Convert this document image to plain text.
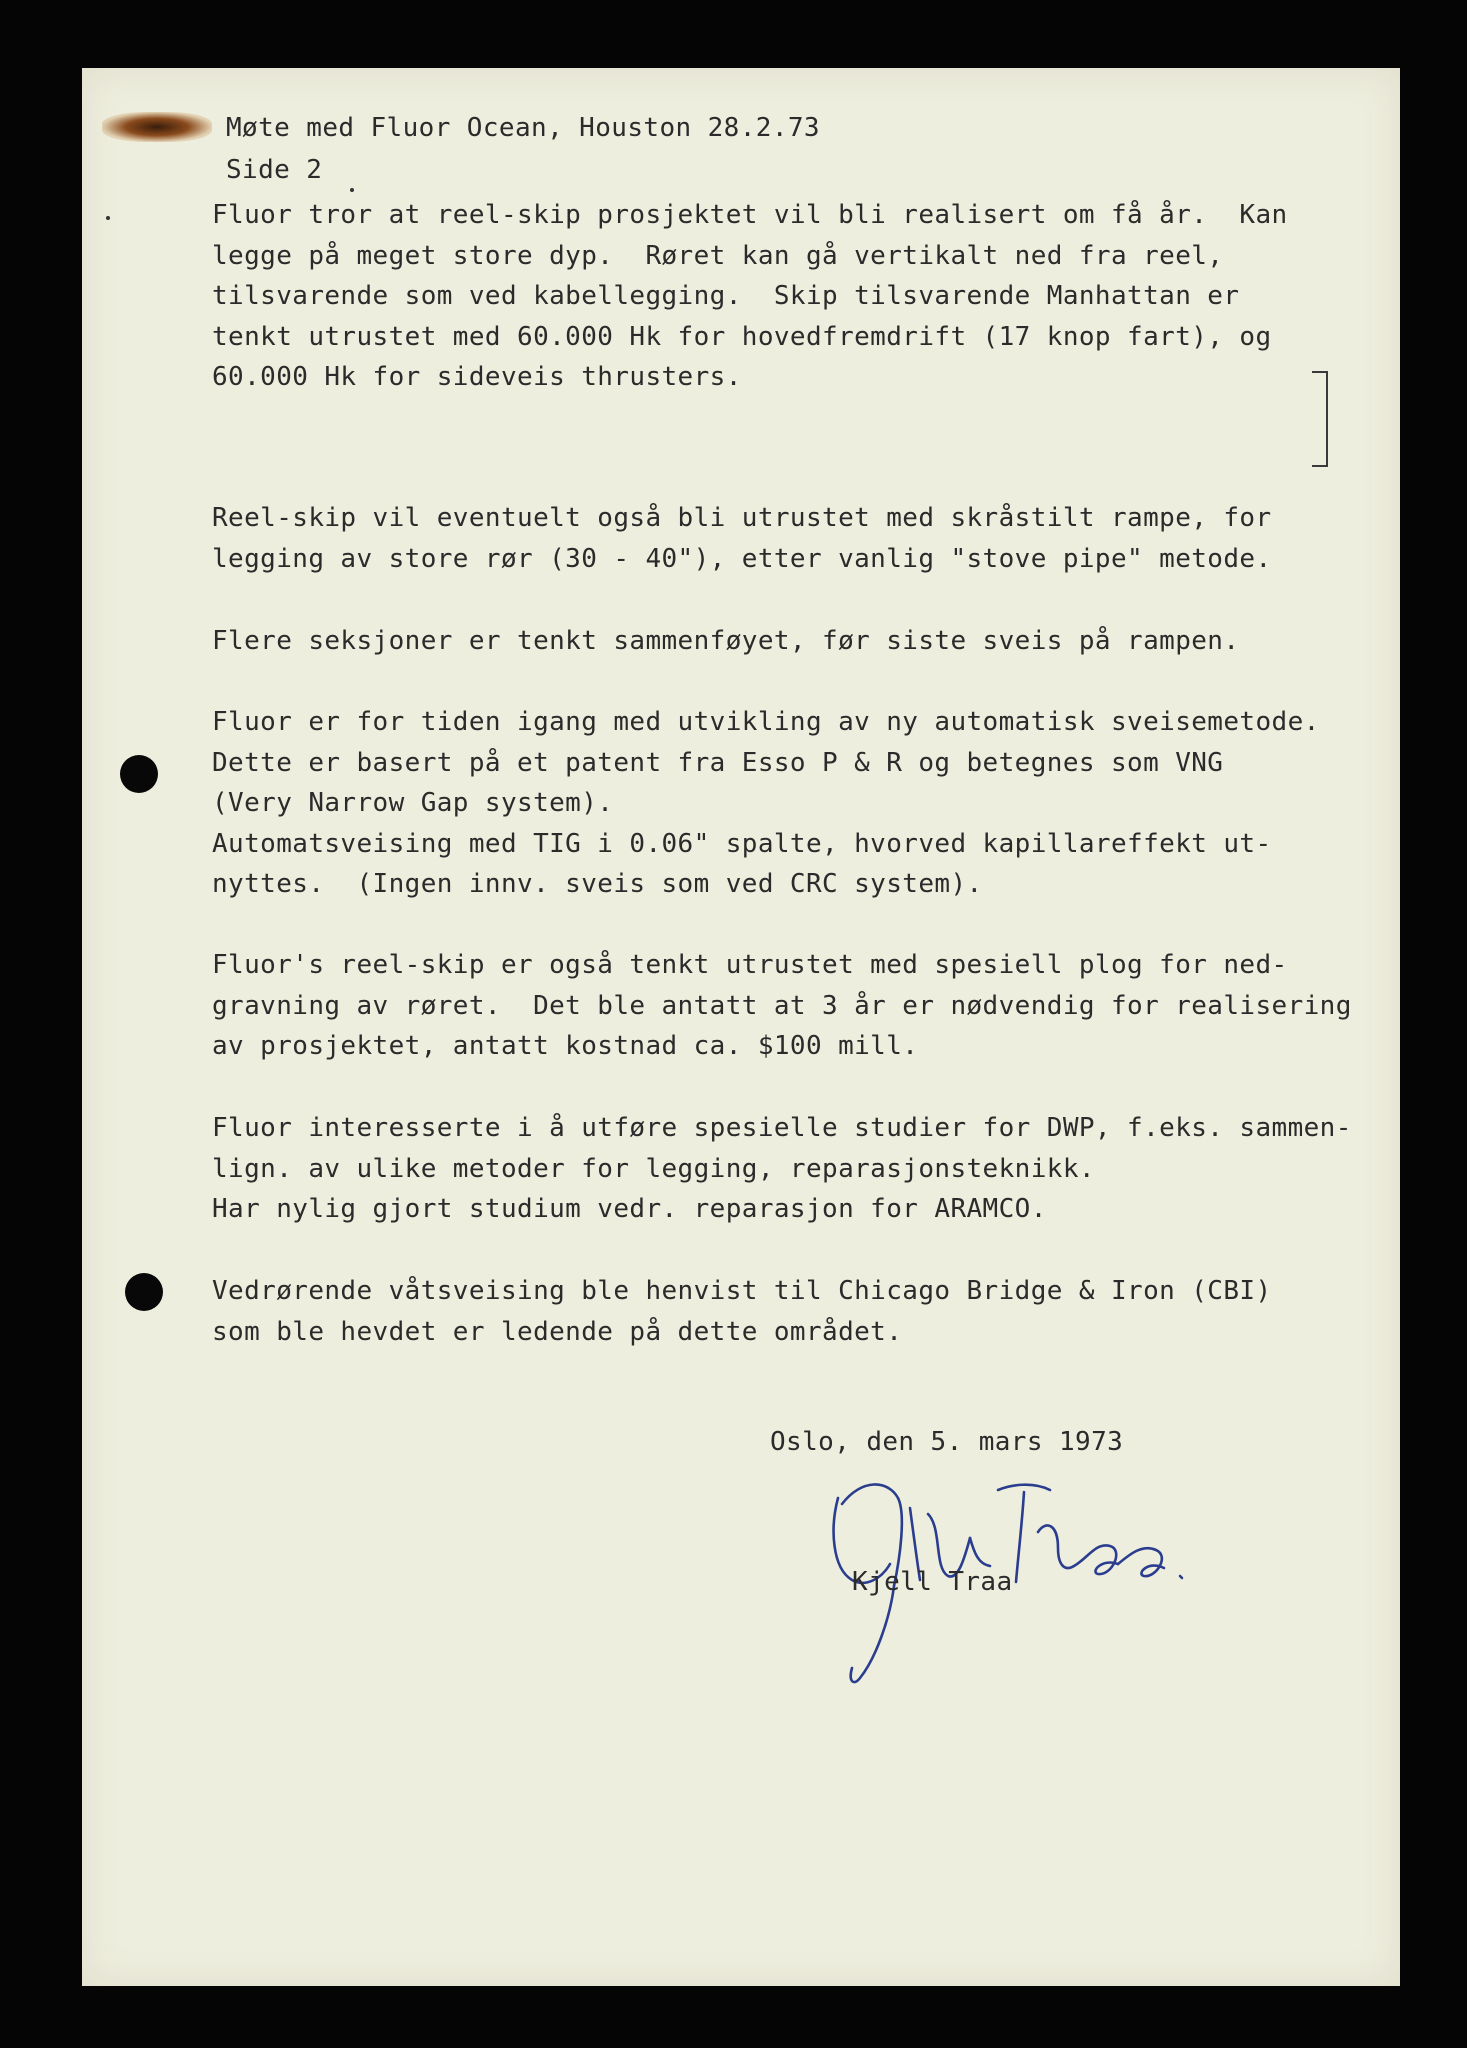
Møte med Fluor Ocean, Houston 28.2.73
Side 2
Fluor tror at reel-skip prosjektet vil bli realisert om få år.  Kan
legge på meget store dyp.  Røret kan gå vertikalt ned fra reel,
tilsvarende som ved kabellegging.  Skip tilsvarende Manhattan er
tenkt utrustet med 60.000 Hk for hovedfremdrift (17 knop fart), og
60.000 Hk for sideveis thrusters.
Reel-skip vil eventuelt også bli utrustet med skråstilt rampe, for
legging av store rør (30 - 40"), etter vanlig "stove pipe" metode.
Flere seksjoner er tenkt sammenføyet, før siste sveis på rampen.
Fluor er for tiden igang med utvikling av ny automatisk sveisemetode.
Dette er basert på et patent fra Esso P & R og betegnes som VNG
(Very Narrow Gap system).
Automatsveising med TIG i 0.06" spalte, hvorved kapillareffekt ut-
nyttes.  (Ingen innv. sveis som ved CRC system).
Fluor's reel-skip er også tenkt utrustet med spesiell plog for ned-
gravning av røret.  Det ble antatt at 3 år er nødvendig for realisering
av prosjektet, antatt kostnad ca. $100 mill.
Fluor interesserte i å utføre spesielle studier for DWP, f.eks. sammen-
lign. av ulike metoder for legging, reparasjonsteknikk.
Har nylig gjort studium vedr. reparasjon for ARAMCO.
Vedrørende våtsveising ble henvist til Chicago Bridge & Iron (CBI)
som ble hevdet er ledende på dette området.
Oslo, den 5. mars 1973
Kjell Traa
